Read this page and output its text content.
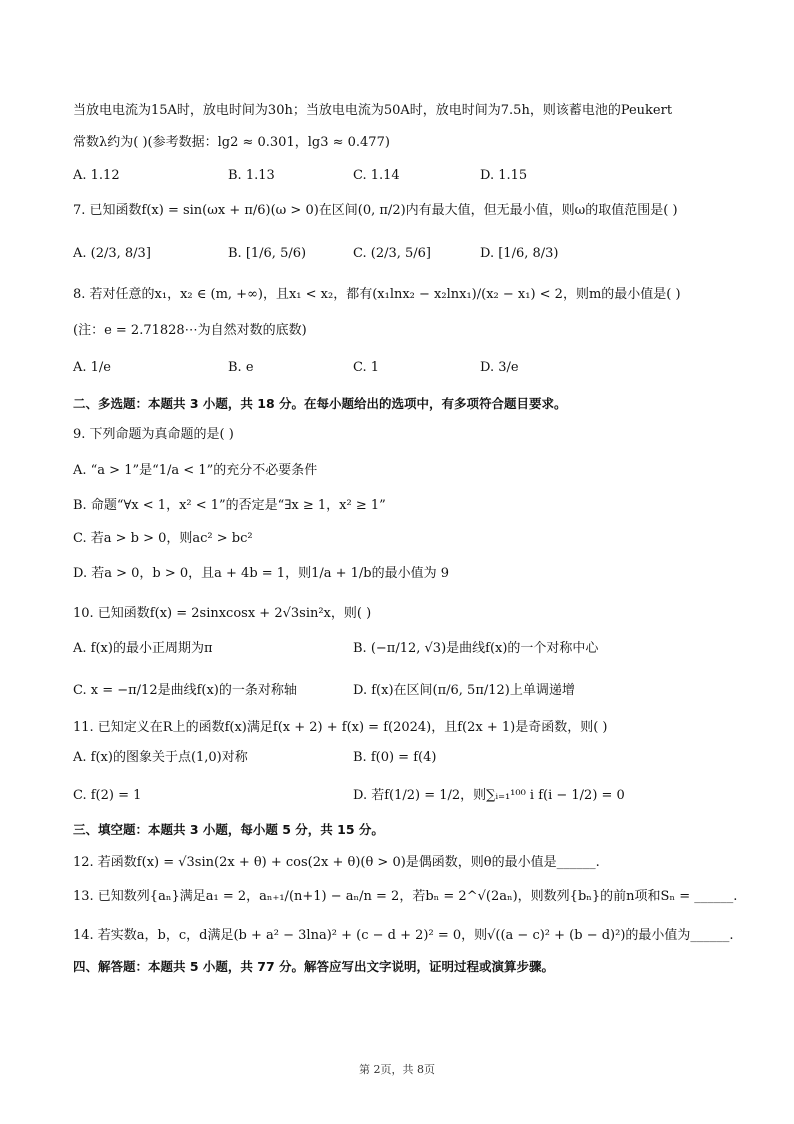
当放电电流为15A时，放电时间为30h；当放电电流为50A时，放电时间为7.5h，则该蓄电池的Peukert
常数λ约为( )(参考数据：lg2 ≈ 0.301，lg3 ≈ 0.477)
A. 1.12	B. 1.13	C. 1.14	D. 1.15
7. 已知函数f(x) = sin(ωx + π/6)(ω > 0)在区间(0, π/2)内有最大值，但无最小值，则ω的取值范围是( )
A. (2/3, 8/3]	B. [1/6, 5/6)	C. (2/3, 5/6]	D. [1/6, 8/3)
8. 若对任意的x₁，x₂ ∈ (m, +∞)，且x₁ < x₂，都有(x₁lnx₂ − x₂lnx₁)/(x₂ − x₁) < 2，则m的最小值是( )
(注：e = 2.71828⋯为自然对数的底数)
A. 1/e	B. e	C. 1	D. 3/e
二、多选题：本题共 3 小题，共 18 分。在每小题给出的选项中，有多项符合题目要求。
9. 下列命题为真命题的是( )
A. “a > 1”是“1/a < 1”的充分不必要条件
B. 命题“∀x < 1，x² < 1”的否定是“∃x ≥ 1，x² ≥ 1”
C. 若a > b > 0，则ac² > bc²
D. 若a > 0，b > 0，且a + 4b = 1，则1/a + 1/b的最小值为 9
10. 已知函数f(x) = 2sinxcosx + 2√3sin²x，则( )
A. f(x)的最小正周期为π	B. (−π/12, √3)是曲线f(x)的一个对称中心
C. x = −π/12是曲线f(x)的一条对称轴	D. f(x)在区间(π/6, 5π/12)上单调递增
11. 已知定义在R上的函数f(x)满足f(x + 2) + f(x) = f(2024)，且f(2x + 1)是奇函数，则( )
A. f(x)的图象关于点(1,0)对称	B. f(0) = f(4)
C. f(2) = 1	D. 若f(1/2) = 1/2，则∑ᵢ₌₁¹⁰⁰ i f(i − 1/2) = 0
三、填空题：本题共 3 小题，每小题 5 分，共 15 分。
12. 若函数f(x) = √3sin(2x + θ) + cos(2x + θ)(θ > 0)是偶函数，则θ的最小值是______.
13. 已知数列{aₙ}满足a₁ = 2，aₙ₊₁/(n+1) − aₙ/n = 2，若bₙ = 2^√(2aₙ)，则数列{bₙ}的前n项和Sₙ = ______.
14. 若实数a，b，c，d满足(b + a² − 3lna)² + (c − d + 2)² = 0，则√((a − c)² + (b − d)²)的最小值为______.
四、解答题：本题共 5 小题，共 77 分。解答应写出文字说明，证明过程或演算步骤。
第 2页，共 8页
